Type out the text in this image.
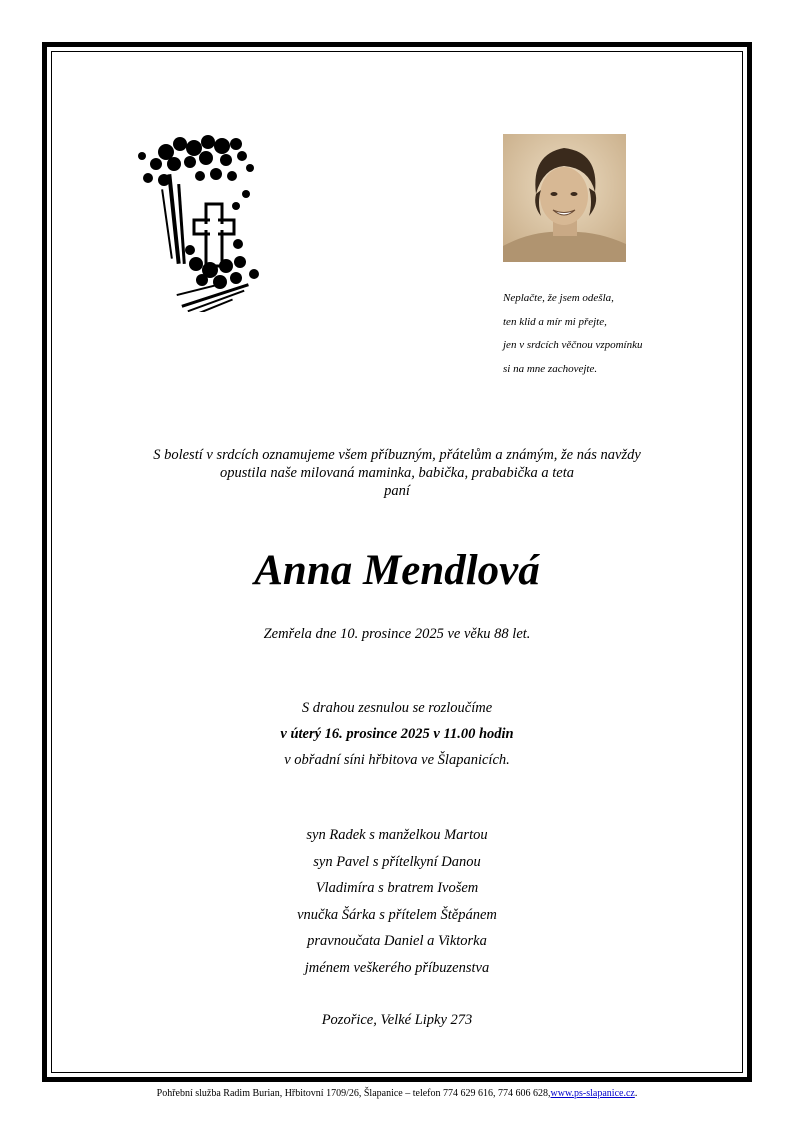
Neplačte, že jsem odešla,
ten klid a mír mi přejte,
jen v srdcích věčnou vzpomínku
si na mne zachovejte.
S bolestí v srdcích oznamujeme všem příbuzným, přátelům a známým, že nás navždy
opustila naše milovaná maminka, babička, prababička a teta
paní
Anna Mendlová
Zemřela dne 10. prosince 2025 ve věku 88 let.
S drahou zesnulou se rozloučíme
v úterý 16. prosince 2025 v 11.00 hodin
v obřadní síni hřbitova ve Šlapanicích.
syn Radek s manželkou Martou
syn Pavel s přítelkyní Danou
Vladimíra s bratrem Ivošem
vnučka Šárka s přítelem Štěpánem
pravnoučata Daniel a Viktorka
jménem veškerého příbuzenstva
Pozořice, Velké Lipky 273
Pohřební služba Radim Burian, Hřbitovní 1709/26, Šlapanice – telefon 774 629 616, 774 606 628,www.ps-slapanice.cz.
